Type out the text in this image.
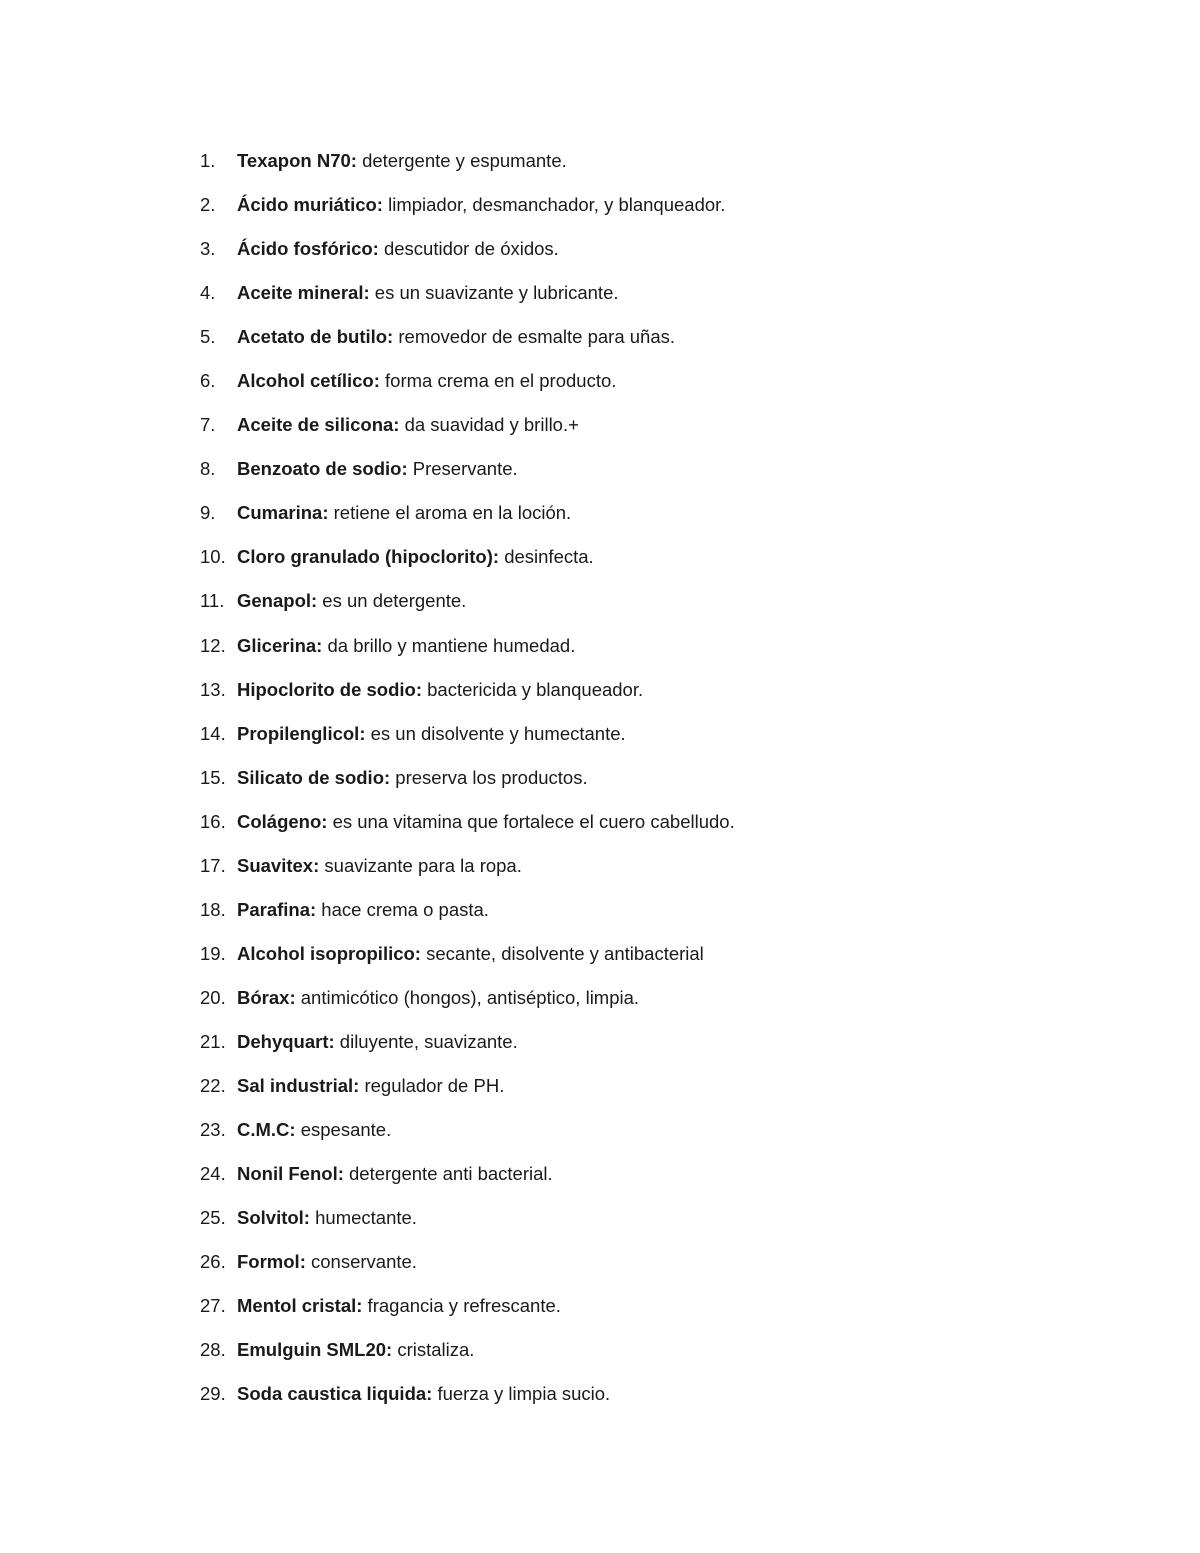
1.	Texapon N70: detergente y espumante.
2.	Ácido muriático: limpiador, desmanchador, y blanqueador.
3.	Ácido fosfórico: descutidor de óxidos.
4.	Aceite mineral: es un suavizante y lubricante.
5.	Acetato de butilo: removedor de esmalte para uñas.
6.	Alcohol cetílico: forma crema en el producto.
7.	Aceite de silicona: da suavidad y brillo.+
8.	Benzoato de sodio: Preservante.
9.	Cumarina: retiene el aroma en la loción.
10. Cloro granulado (hipoclorito): desinfecta.
11. Genapol: es un detergente.
12. Glicerina: da brillo y mantiene humedad.
13. Hipoclorito de sodio: bactericida y blanqueador.
14. Propilenglicol: es un disolvente y humectante.
15. Silicato de sodio: preserva los productos.
16. Colágeno: es una vitamina que fortalece el cuero cabelludo.
17. Suavitex: suavizante para la ropa.
18. Parafina: hace crema o pasta.
19. Alcohol isopropilico: secante, disolvente y antibacterial
20. Bórax: antimicótico (hongos), antiséptico, limpia.
21. Dehyquart: diluyente, suavizante.
22. Sal industrial: regulador de PH.
23. C.M.C: espesante.
24. Nonil Fenol: detergente anti bacterial.
25. Solvitol: humectante.
26. Formol: conservante.
27. Mentol cristal: fragancia y refrescante.
28. Emulguin SML20: cristaliza.
29. Soda caustica liquida: fuerza y limpia sucio.
